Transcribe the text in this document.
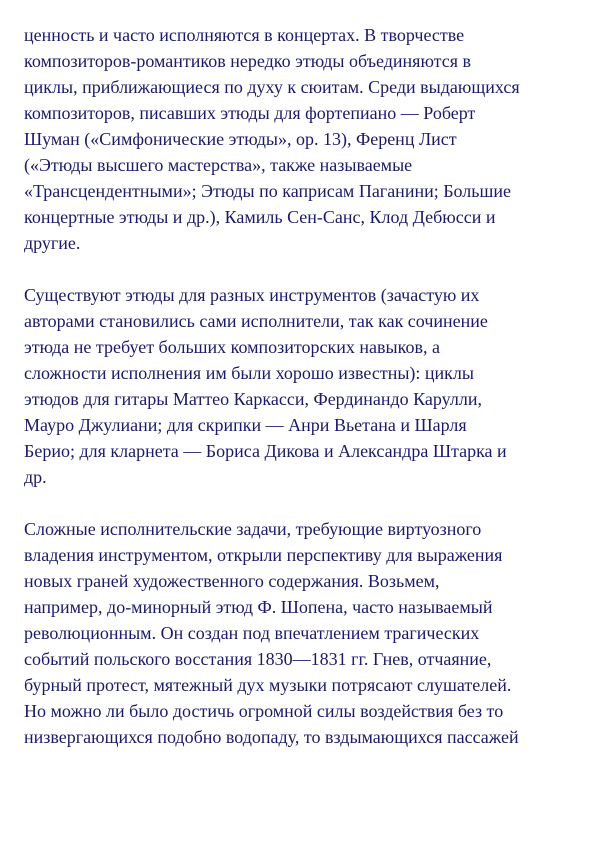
ценность и часто исполняются в концертах. В творчестве
композиторов-романтиков нередко этюды объединяются в
циклы, приближающиеся по духу к сюитам. Среди выдающихся
композиторов, писавших этюды для фортепиано — Роберт
Шуман («Симфонические этюды», ор. 13), Ференц Лист
(«Этюды высшего мастерства», также называемые
«Трансцендентными»; Этюды по каприсам Паганини; Большие
концертные этюды и др.), Камиль Сен-Санс, Клод Дебюсси и
другие.
Существуют этюды для разных инструментов (зачастую их
авторами становились сами исполнители, так как сочинение
этюда не требует больших композиторских навыков, а
сложности исполнения им были хорошо известны): циклы
этюдов для гитары Маттео Каркасси, Фердинандо Карулли,
Мауро Джулиани; для скрипки — Анри Вьетана и Шарля
Берио; для кларнета — Бориса Дикова и Александра Штарка и
др.
Сложные исполнительские задачи, требующие виртуозного
владения инструментом, открыли перспективу для выражения
новых граней художественного содержания. Возьмем,
например, до-минорный этюд Ф. Шопена, часто называемый
революционным. Он создан под впечатлением трагических
событий польского восстания 1830—1831 гг. Гнев, отчаяние,
бурный протест, мятежный дух музыки потрясают слушателей.
Но можно ли было достичь огромной силы воздействия без то
низвергающихся подобно водопаду, то вздымающихся пассажей
